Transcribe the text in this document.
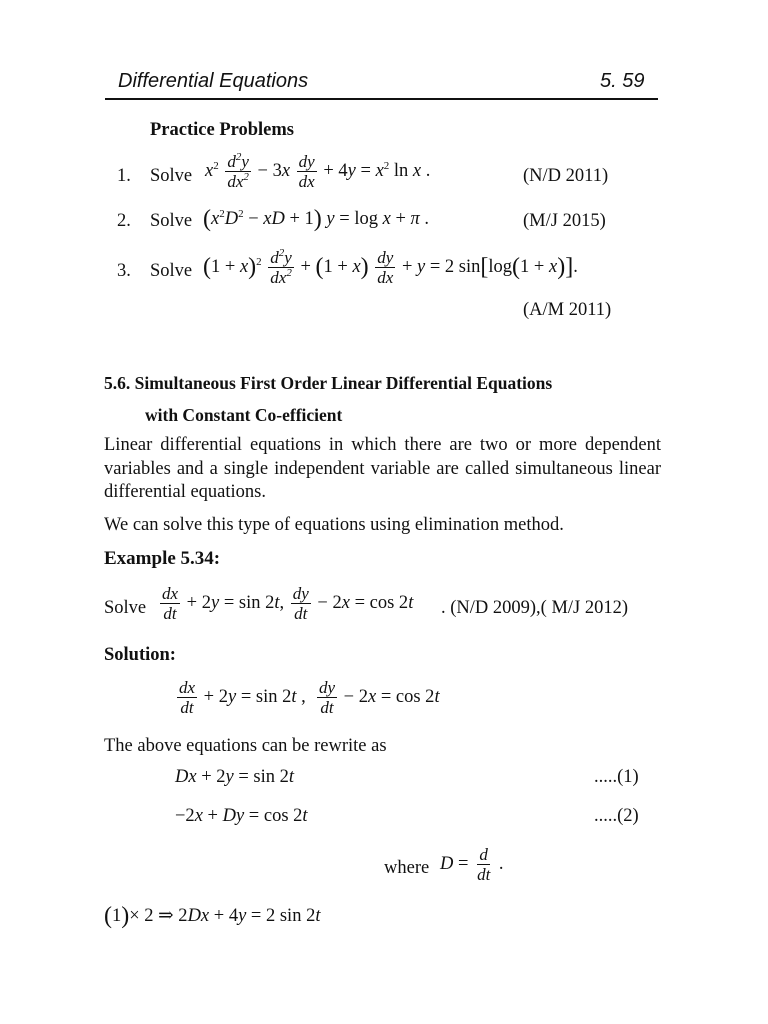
Differential Equations	5. 59
Practice Problems
1. Solve $x^2 \frac{d^2y}{dx^2} - 3x \frac{dy}{dx} + 4y = x^2$ ln x .	(N/D 2011)
2. Solve ($x^2D^2$ − xD + 1) y = log x + π .	(M/J 2015)
3. Solve $(1 + x)^2 \frac{d^2y}{dx^2} + (1 + x) \frac{dy}{dx} + y = 2$ sin[log(1 + x)].
(A/M 2011)
5.6. Simultaneous First Order Linear Differential Equations
with Constant Co-efficient
Linear differential equations in which there are two or more dependent variables and a single independent variable are called simultaneous linear differential equations.
We can solve this type of equations using elimination method.
Example 5.34:
Solve $\frac{dx}{dt} + 2y = \sin 2t$, $\frac{dy}{dt} - 2x = \cos 2t$ . (N/D 2009),( M/J 2012)
Solution:
$\frac{dx}{dt} + 2y = \sin 2t$ , $\frac{dy}{dt} - 2x = \cos 2t$
The above equations can be rewrite as
Dx + 2y = sin 2t	.....(1)
−2x + Dy = cos 2t	.....(2)
where $D = \frac{d}{dt}$ .
(1)× 2 ⇒ 2Dx + 4y = 2 sin 2t
